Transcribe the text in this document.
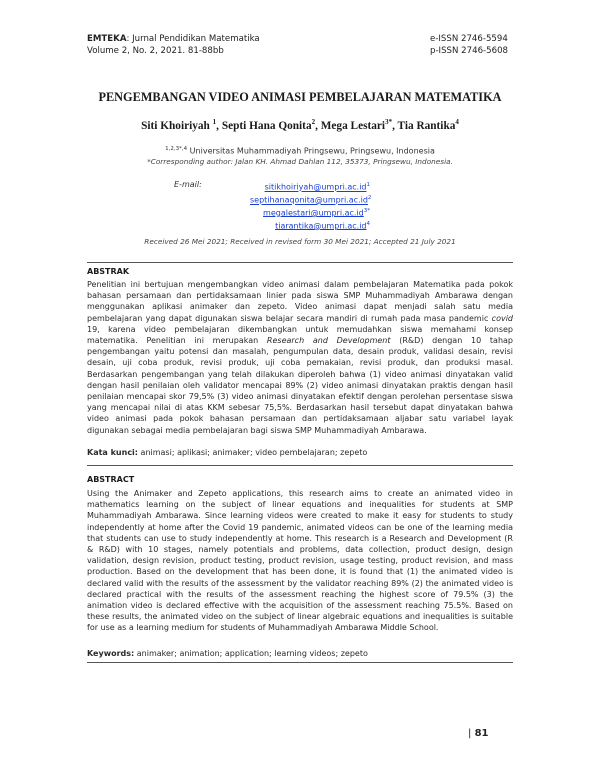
EMTEKA: Jurnal Pendidikan Matematika
Volume 2, No. 2, 2021. 81-88bb
e-ISSN 2746-5594
p-ISSN 2746-5608
PENGEMBANGAN VIDEO ANIMASI PEMBELAJARAN MATEMATIKA
Siti Khoiriyah $^1$, Septi Hana Qonita$^2$, Mega Lestari$^{3*}$, Tia Rantika$^4$
$^{1,2,3*,4}$ Universitas Muhammadiyah Pringsewu, Pringsewu, Indonesia
*Corresponding author: Jalan KH. Ahmad Dahlan 112, 35373, Pringsewu, Indonesia.
E-mail:	$sitikhoiriyah@umpri.ac.id^1$
$septihanaqonita@umpri.ac.id^2$
$megalestari@umpri.ac.id^{3*}$
$tiarantika@umpri.ac.id^4$
Received 26 Mei 2021; Received in revised form 30 Mei 2021; Accepted 21 July 2021
ABSTRAK
Penelitian ini bertujuan mengembangkan video animasi dalam pembelajaran Matematika pada pokok bahasan persamaan dan pertidaksamaan linier pada siswa SMP Muhammadiyah Ambarawa dengan menggunakan aplikasi animaker dan zepeto. Video animasi dapat menjadi salah satu media pembelajaran yang dapat digunakan siswa belajar secara mandiri di rumah pada masa pandemic covid 19, karena video pembelajaran dikembangkan untuk memudahkan siswa memahami konsep matematika. Penelitian ini merupakan Research and Development (R&D) dengan 10 tahap pengembangan yaitu potensi dan masalah, pengumpulan data, desain produk, validasi desain, revisi desain, uji coba produk, revisi produk, uji coba pemakaian, revisi produk, dan produksi masal. Berdasarkan pengembangan yang telah dilakukan diperoleh bahwa (1) video animasi dinyatakan valid dengan hasil penilaian oleh validator mencapai 89% (2) video animasi dinyatakan praktis dengan hasil penilaian mencapai skor 79,5% (3) video animasi dinyatakan efektif dengan perolehan persentase siswa yang mencapai nilai di atas KKM sebesar 75,5%. Berdasarkan hasil tersebut dapat dinyatakan bahwa video animasi pada pokok bahasan persamaan dan pertidaksamaan aljabar satu variabel layak digunakan sebagai media pembelajaran bagi siswa SMP Muhammadiyah Ambarawa.
Kata kunci: animasi; aplikasi; animaker; video pembelajaran; zepeto
ABSTRACT
Using the Animaker and Zepeto applications, this research aims to create an animated video in mathematics learning on the subject of linear equations and inequalities for students at SMP Muhammadiyah Ambarawa. Since learning videos were created to make it easy for students to study independently at home after the Covid 19 pandemic, animated videos can be one of the learning media that students can use to study independently at home. This research is a Research and Development (R & R&D) with 10 stages, namely potentials and problems, data collection, product design, design validation, design revision, product testing, product revision, usage testing, product revision, and mass production. Based on the development that has been done, it is found that (1) the animated video is declared valid with the results of the assessment by the validator reaching 89% (2) the animated video is declared practical with the results of the assessment reaching the highest score of 79.5% (3) the animation video is declared effective with the acquisition of the assessment reaching 75.5%. Based on these results, the animated video on the subject of linear algebraic equations and inequalities is suitable for use as a learning medium for students of Muhammadiyah Ambarawa Middle School.
Keywords: animaker; animation; application; learning videos; zepeto
| 81
